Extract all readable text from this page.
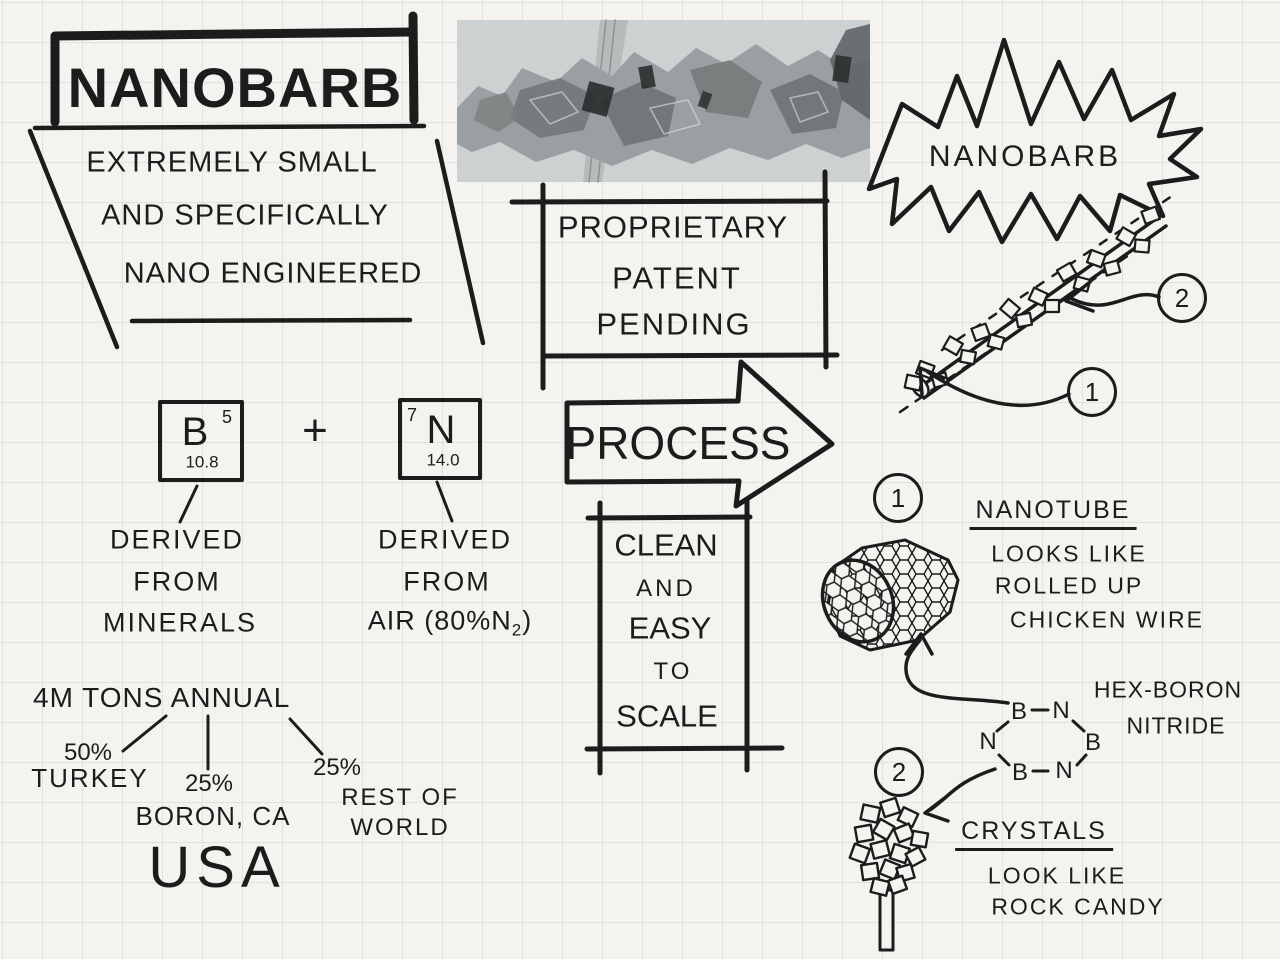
NANOBARB
EXTREMELY SMALL
AND SPECIFICALLY
NANO ENGINEERED
PROPRIETARY
PATENT
PENDING
NANOBARB
2
1
B 5
10.8
+ N
7
14.0
DERIVED
FROM
MINERALS
DERIVED
FROM
AIR $(80\%N_2)$
PROCESS
CLEAN
AND
EASY
TO
SCALE
1	NANOTUBE
LOOKS LIKE
ROLLED UP
CHICKEN WIRE
B N
N	B
B N
HEX-BORON
NITRIDE
2
CRYSTALS
LOOK LIKE
ROCK CANDY
4M TONS ANNUAL
50%
TURKEY 25%
BORON, CA
25%
REST OF
WORLD
USA
